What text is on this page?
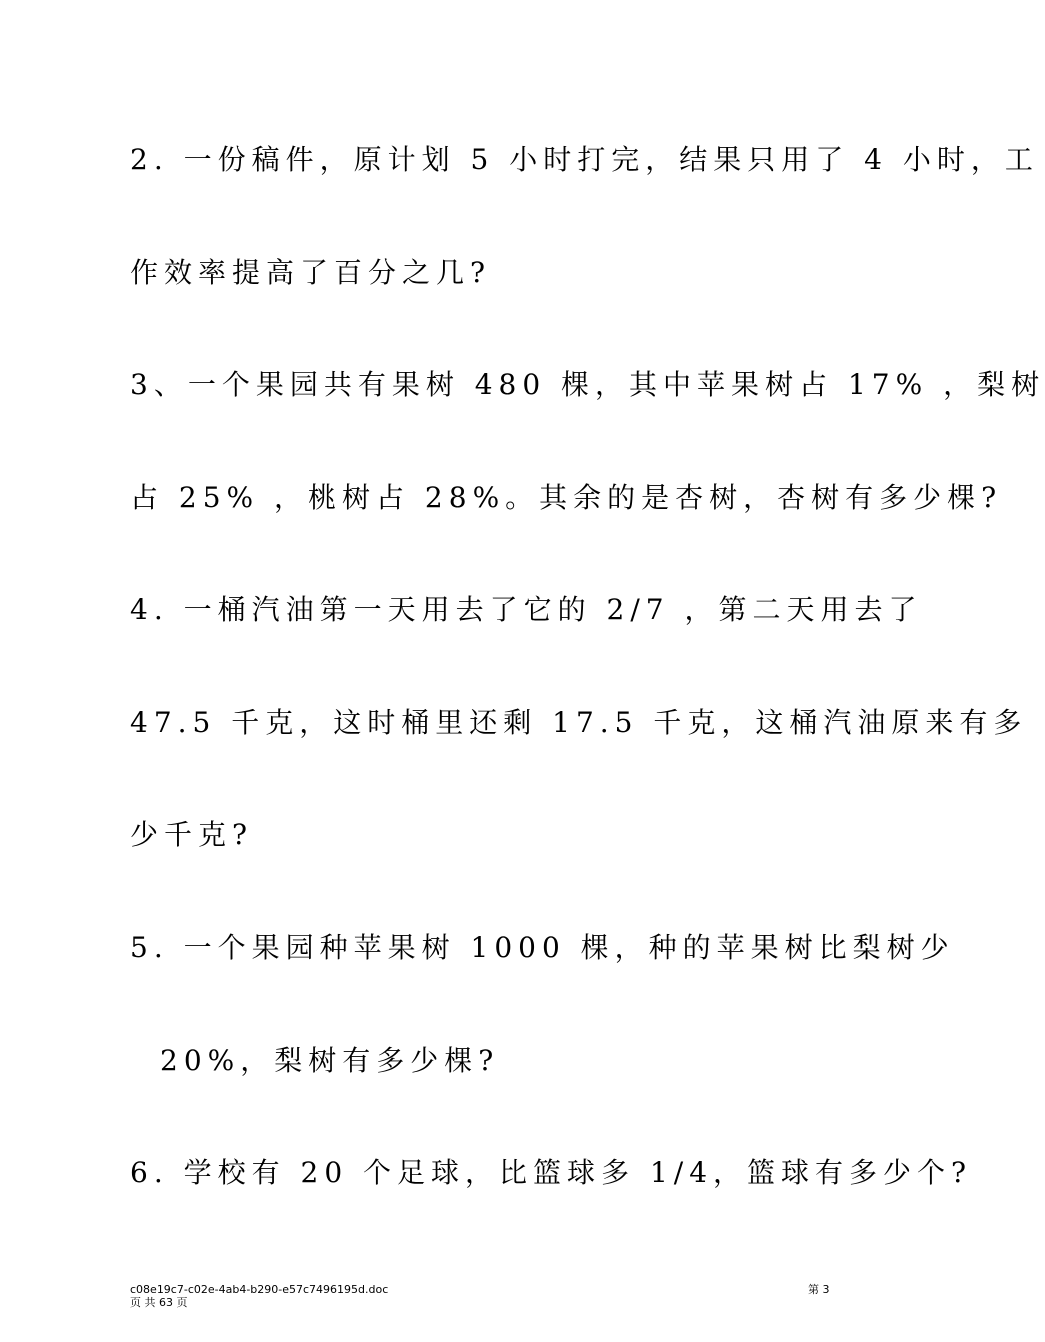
2. 一份稿件，原计划 5 小时打完，结果只用了 4 小时，工
作效率提高了百分之几?
3、一个果园共有果树 480 棵，其中苹果树占 17% ，梨树
占 25% ，桃树占 28%。其余的是杏树，杏树有多少棵?
4. 一桶汽油第一天用去了它的 2/7 ，第二天用去了
47.5 千克，这时桶里还剩 17.5 千克，这桶汽油原来有多
少千克?
5. 一个果园种苹果树 1000 棵，种的苹果树比梨树少
20%，梨树有多少棵?
6. 学校有 20 个足球，比篮球多 1/4，篮球有多少个?
c08e19c7-c02e-4ab4-b290-e57c7496195d.doc
页 共 63 页
第 3
